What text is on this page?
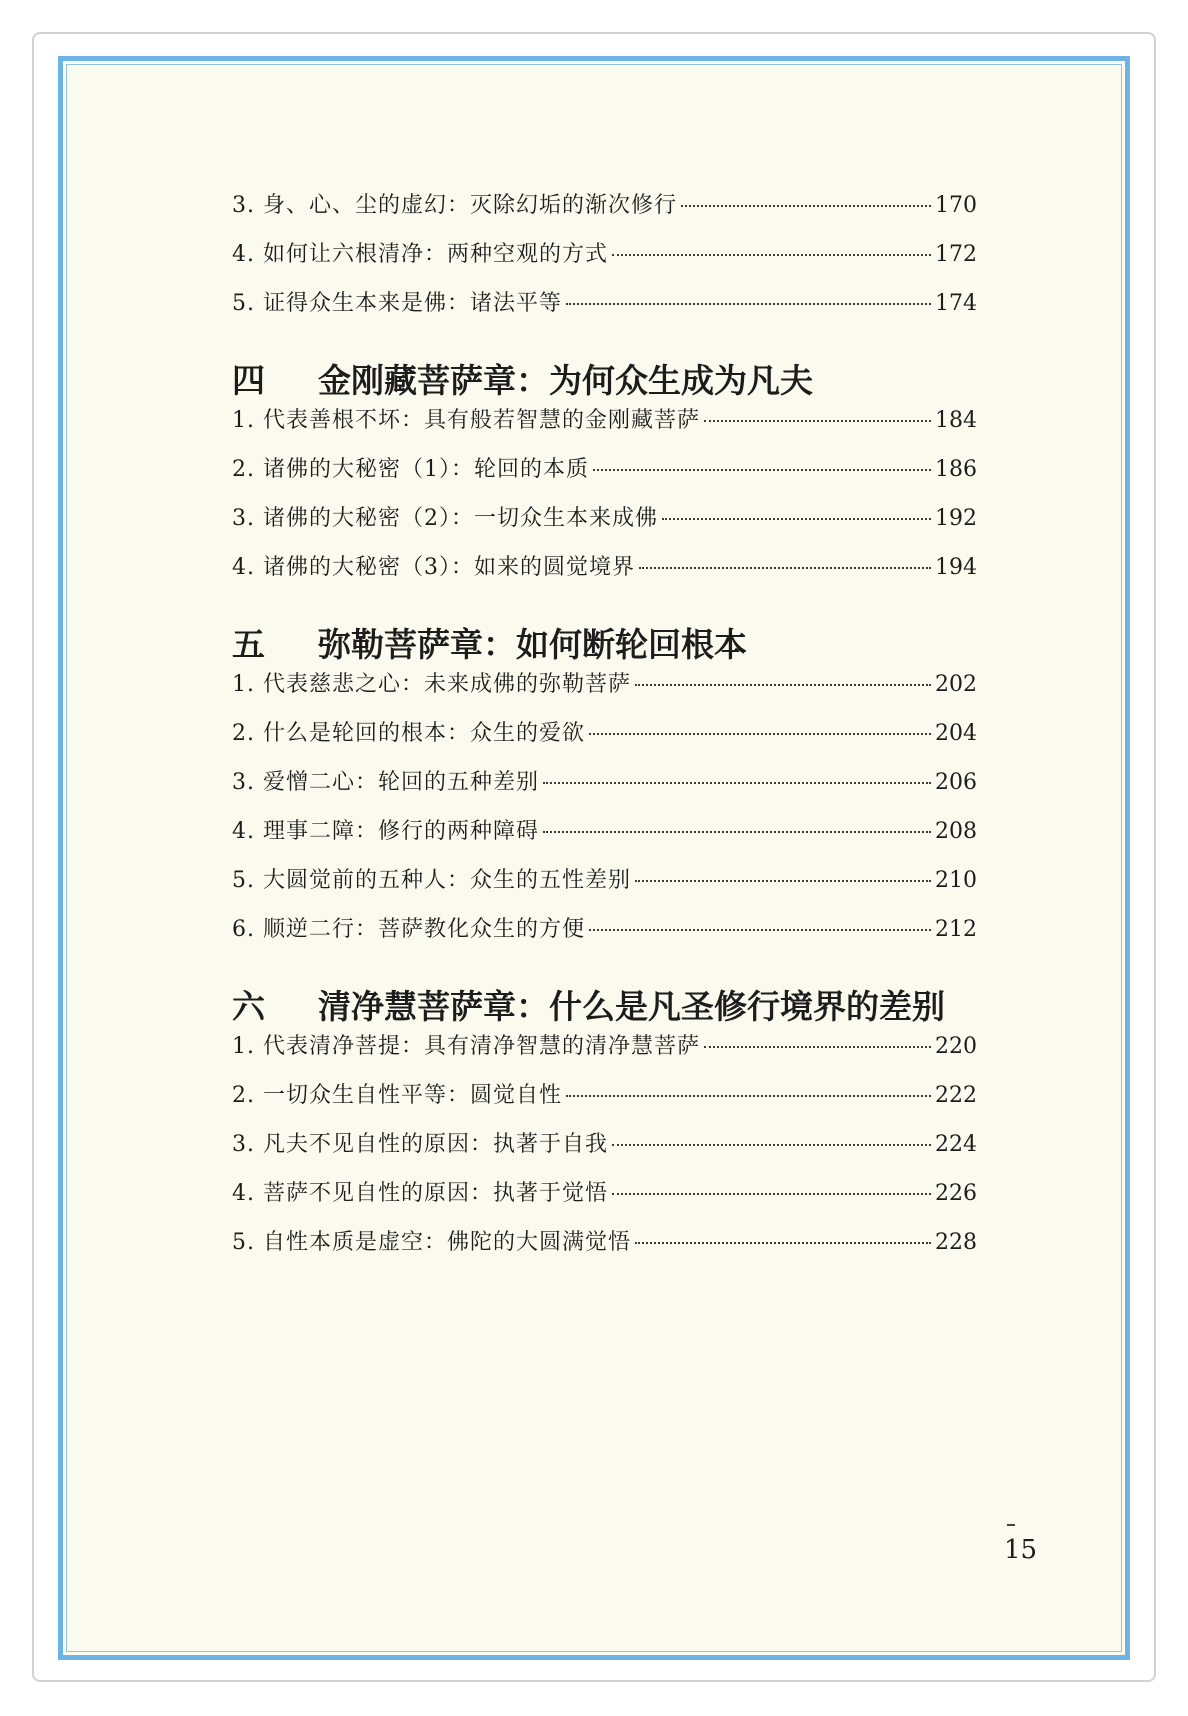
3. 身、心、尘的虚幻：灭除幻垢的渐次修行	170
4. 如何让六根清净：两种空观的方式	172
5. 证得众生本来是佛：诸法平等	174
四	金刚藏菩萨章：为何众生成为凡夫
1. 代表善根不坏：具有般若智慧的金刚藏菩萨	184
2. 诸佛的大秘密（1）：轮回的本质	186
3. 诸佛的大秘密（2）：一切众生本来成佛	192
4. 诸佛的大秘密（3）：如来的圆觉境界	194
五	弥勒菩萨章：如何断轮回根本
1. 代表慈悲之心：未来成佛的弥勒菩萨	202
2. 什么是轮回的根本：众生的爱欲	204
3. 爱憎二心：轮回的五种差别	206
4. 理事二障：修行的两种障碍	208
5. 大圆觉前的五种人：众生的五性差别	210
6. 顺逆二行：菩萨教化众生的方便	212
六	清净慧菩萨章：什么是凡圣修行境界的差别
1. 代表清净菩提：具有清净智慧的清净慧菩萨	220
2. 一切众生自性平等：圆觉自性	222
3. 凡夫不见自性的原因：执著于自我	224
4. 菩萨不见自性的原因：执著于觉悟	226
5. 自性本质是虚空：佛陀的大圆满觉悟	228
15
